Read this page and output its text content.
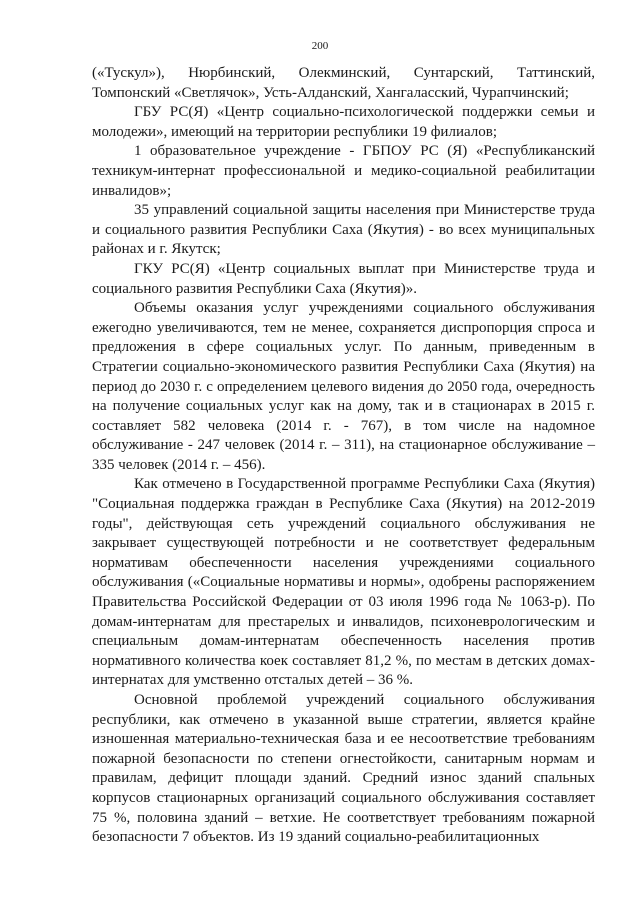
200

(«Тускул»), Нюрбинский, Олекминский, Сунтарский, Таттинский, Томпонский «Светлячок», Усть-Алданский, Хангаласский, Чурапчинский;

ГБУ РС(Я) «Центр социально-психологической поддержки семьи и молодежи», имеющий на территории республики 19 филиалов;

1 образовательное учреждение - ГБПОУ РС (Я) «Республиканский техникум-интернат профессиональной и медико-социальной реабилитации инвалидов»;

35 управлений социальной защиты населения при Министерстве труда и социального развития Республики Саха (Якутия) - во всех муниципальных районах и г. Якутск;

ГКУ РС(Я) «Центр социальных выплат при Министерстве труда и социального развития Республики Саха (Якутия)».

Объемы оказания услуг учреждениями социального обслуживания ежегодно увеличиваются, тем не менее, сохраняется диспропорция спроса и предложения в сфере социальных услуг. По данным, приведенным в Стратегии социально-экономического развития Республики Саха (Якутия) на период до 2030 г. с определением целевого видения до 2050 года, очередность на получение социальных услуг как на дому, так и в стационарах в 2015 г. составляет 582 человека (2014 г. - 767), в том числе на надомное обслуживание - 247 человек (2014 г. – 311), на стационарное обслуживание – 335 человек (2014 г. – 456).

Как отмечено в Государственной программе Республики Саха (Якутия) "Социальная поддержка граждан в Республике Саха (Якутия) на 2012-2019 годы", действующая сеть учреждений социального обслуживания не закрывает существующей потребности и не соответствует федеральным нормативам обеспеченности населения учреждениями социального обслуживания («Социальные нормативы и нормы», одобрены распоряжением Правительства Российской Федерации от 03 июля 1996 года № 1063-р). По домам-интернатам для престарелых и инвалидов, психоневрологическим и специальным домам-интернатам обеспеченность населения против нормативного количества коек составляет 81,2 %, по местам в детских домах-интернатах для умственно отсталых детей – 36 %.

Основной проблемой учреждений социального обслуживания республики, как отмечено в указанной выше стратегии, является крайне изношенная материально-техническая база и ее несоответствие требованиям пожарной безопасности по степени огнестойкости, санитарным нормам и правилам, дефицит площади зданий. Средний износ зданий спальных корпусов стационарных организаций социального обслуживания составляет 75 %, половина зданий – ветхие. Не соответствует требованиям пожарной безопасности 7 объектов. Из 19 зданий социально-реабилитационных
